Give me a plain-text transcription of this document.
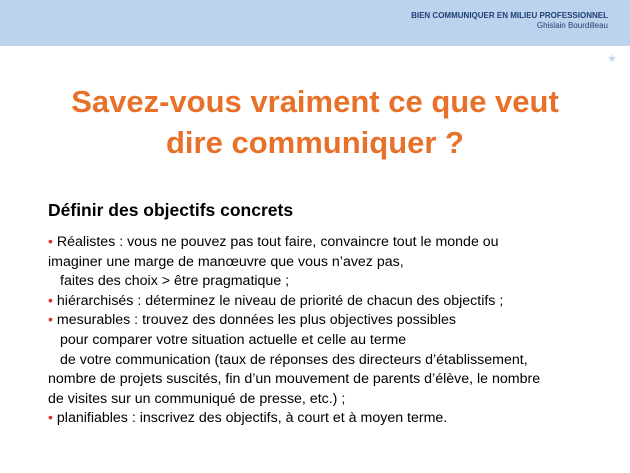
BIEN COMMUNIQUER EN MILIEU PROFESSIONNEL
Ghislain Bourdilleau
★
Savez-vous vraiment ce que veut
dire communiquer ?
Définir des objectifs concrets
• Réalistes : vous ne pouvez pas tout faire, convaincre tout le monde ou
imaginer une marge de manœuvre que vous n’avez pas,
faites des choix > être pragmatique ;
• hiérarchisés : déterminez le niveau de priorité de chacun des objectifs ;
• mesurables : trouvez des données les plus objectives possibles
pour comparer votre situation actuelle et celle au terme
de votre communication (taux de réponses des directeurs d’établissement,
nombre de projets suscités, fin d’un mouvement de parents d’élève, le nombre
de visites sur un communiqué de presse, etc.) ;
• planifiables : inscrivez des objectifs, à court et à moyen terme.
